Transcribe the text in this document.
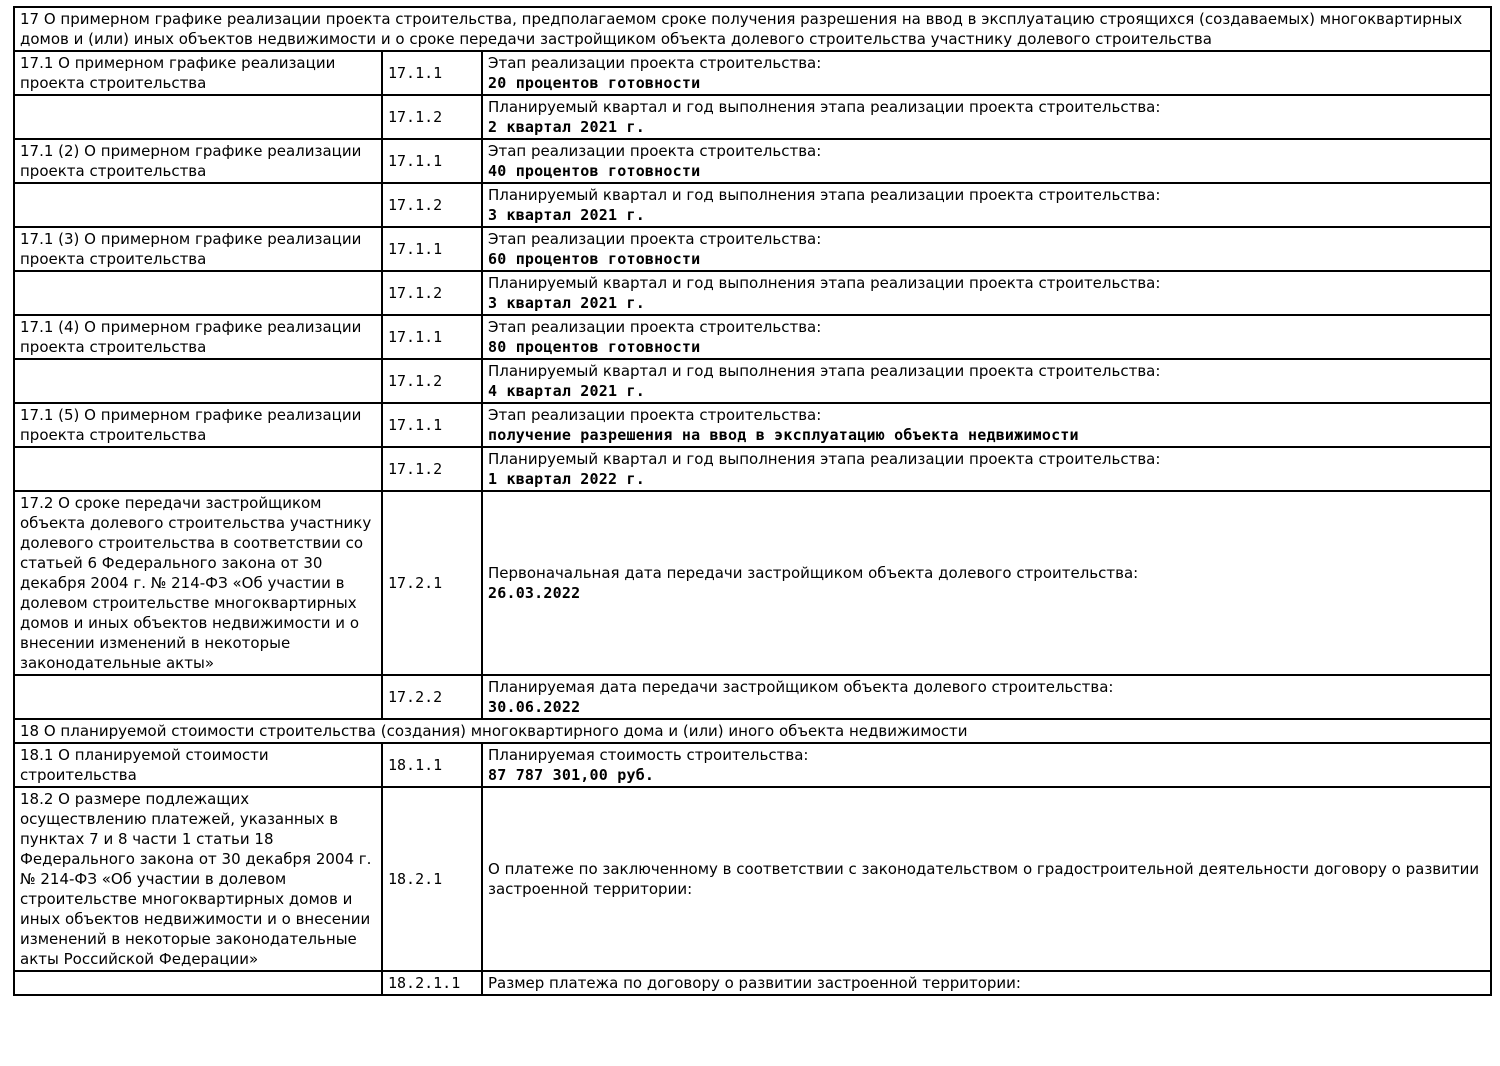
17 О примерном графике реализации проекта строительства, предполагаемом сроке получения разрешения на ввод в эксплуатацию строящихся (создаваемых) многоквартирных домов и (или) иных объектов недвижимости и о сроке передачи застройщиком объекта долевого строительства участнику долевого строительства		
17.1 О примерном графике реализации проекта строительства	17.1.1	Этап реализации проекта строительства:
20 процентов готовности

	17.1.2	Планируемый квартал и год выполнения этапа реализации проекта строительства:
2 квартал 2021 г.

17.1 (2) О примерном графике реализации проекта строительства	17.1.1	Этап реализации проекта строительства:
40 процентов готовности

	17.1.2	Планируемый квартал и год выполнения этапа реализации проекта строительства:
3 квартал 2021 г.

17.1 (3) О примерном графике реализации проекта строительства	17.1.1	Этап реализации проекта строительства:
60 процентов готовности

	17.1.2	Планируемый квартал и год выполнения этапа реализации проекта строительства:
3 квартал 2021 г.

17.1 (4) О примерном графике реализации проекта строительства	17.1.1	Этап реализации проекта строительства:
80 процентов готовности

	17.1.2	Планируемый квартал и год выполнения этапа реализации проекта строительства:
4 квартал 2021 г.

17.1 (5) О примерном графике реализации проекта строительства	17.1.1	Этап реализации проекта строительства:
получение разрешения на ввод в эксплуатацию объекта недвижимости

	17.1.2	Планируемый квартал и год выполнения этапа реализации проекта строительства:
1 квартал 2022 г.

17.2 О сроке передачи застройщиком объекта долевого строительства участнику долевого строительства в соответствии со статьей 6 Федерального закона от 30 декабря 2004 г. № 214-ФЗ «Об участии в долевом строительстве многоквартирных домов и иных объектов недвижимости и о внесении изменений в некоторые законодательные акты»	17.2.1	Первоначальная дата передачи застройщиком объекта долевого строительства:
26.03.2022

	17.2.2	Планируемая дата передачи застройщиком объекта долевого строительства:
30.06.2022

18 О планируемой стоимости строительства (создания) многоквартирного дома и (или) иного объекта недвижимости		
18.1 О планируемой стоимости строительства	18.1.1	Планируемая стоимость строительства:
87 787 301,00 руб.

18.2 О размере подлежащих осуществлению платежей, указанных в пунктах 7 и 8 части 1 статьи 18 Федерального закона от 30 декабря 2004 г. № 214-ФЗ «Об участии в долевом строительстве многоквартирных домов и иных объектов недвижимости и о внесении изменений в некоторые законодательные акты Российской Федерации»	18.2.1	О платеже по заключенному в соответствии с законодательством о градостроительной деятельности договору о развитии застроенной территории:

	18.2.1.1	Размер платежа по договору о развитии застроенной территории:
